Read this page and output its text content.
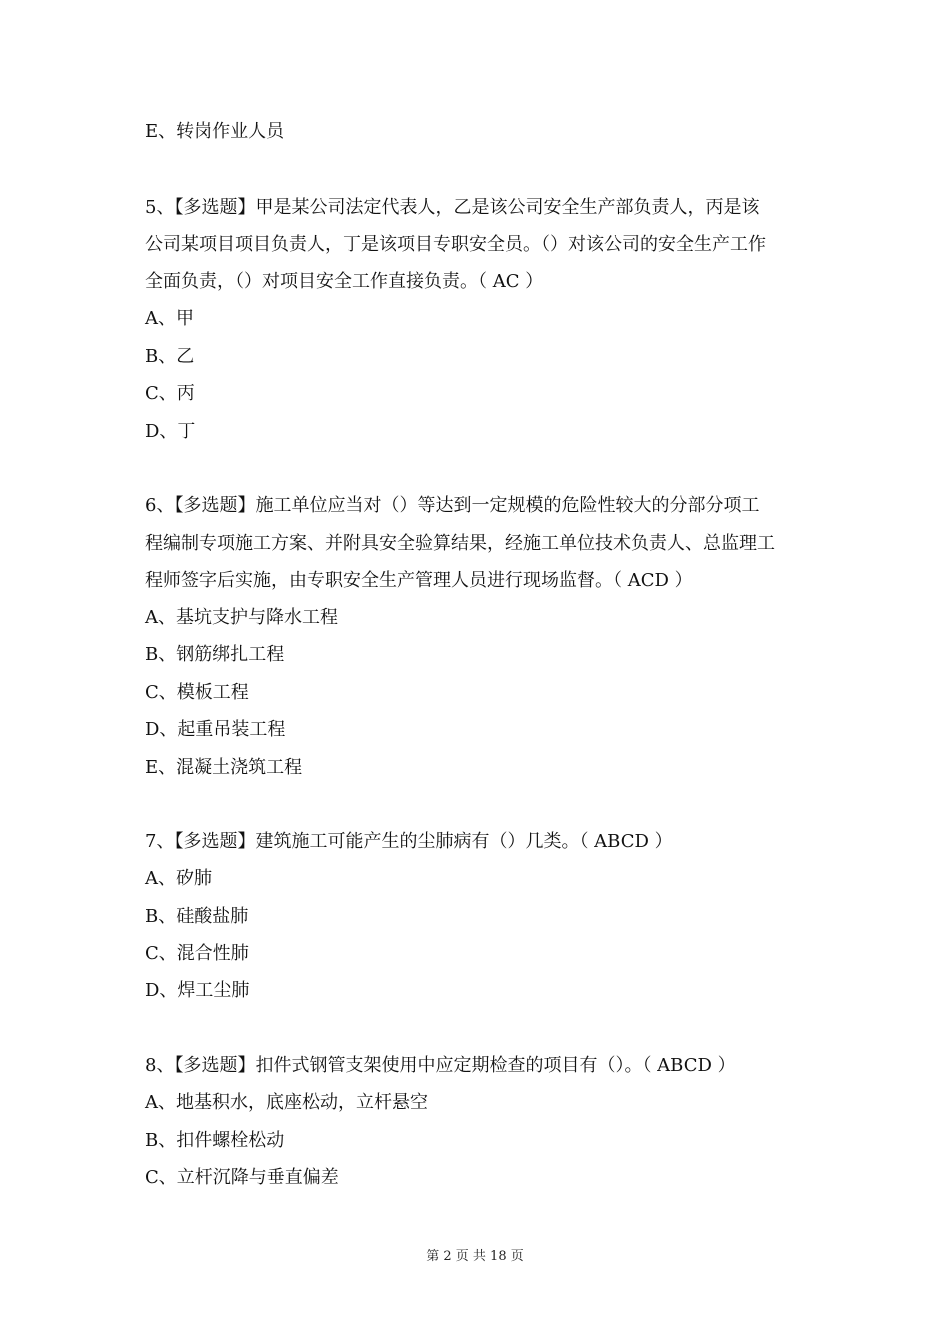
E、转岗作业人员
5、【多选题】甲是某公司法定代表人，乙是该公司安全生产部负责人，丙是该
公司某项目项目负责人，丁是该项目专职安全员。（）对该公司的安全生产工作
全面负责，（）对项目安全工作直接负责。（ AC ）
A、甲
B、乙
C、丙
D、丁
6、【多选题】施工单位应当对（）等达到一定规模的危险性较大的分部分项工
程编制专项施工方案、并附具安全验算结果，经施工单位技术负责人、总监理工
程师签字后实施，由专职安全生产管理人员进行现场监督。（ ACD ）
A、基坑支护与降水工程
B、钢筋绑扎工程
C、模板工程
D、起重吊装工程
E、混凝土浇筑工程
7、【多选题】建筑施工可能产生的尘肺病有（）几类。（ ABCD ）
A、矽肺
B、硅酸盐肺
C、混合性肺
D、焊工尘肺
8、【多选题】扣件式钢管支架使用中应定期检查的项目有（）。（ ABCD ）
A、地基积水，底座松动，立杆悬空
B、扣件螺栓松动
C、立杆沉降与垂直偏差
第 2 页 共 18 页
